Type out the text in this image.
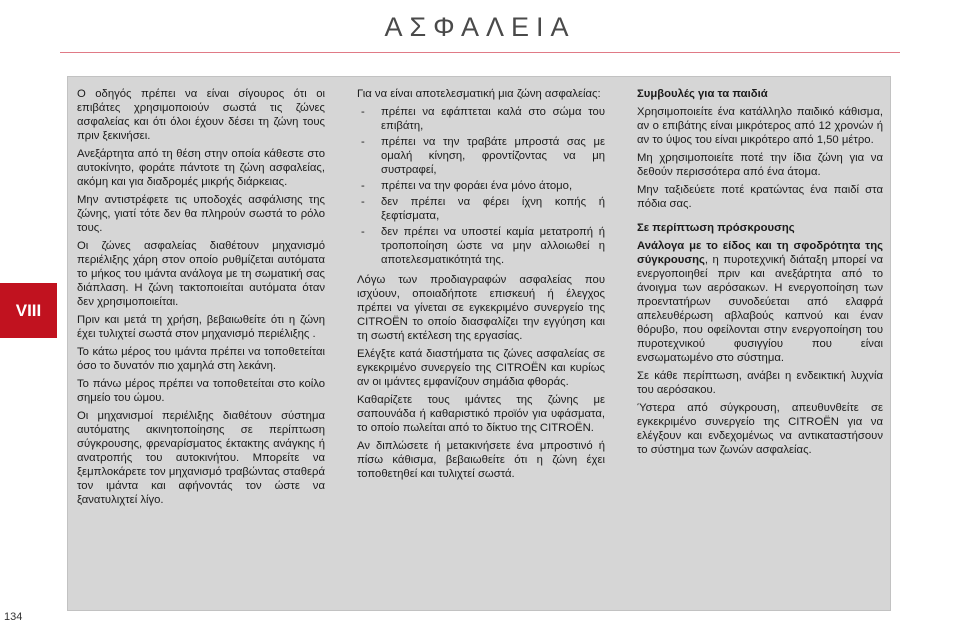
ΑΣΦΑΛΕΙΑ
VIII

Ο οδηγός πρέπει να είναι σίγουρος ότι οι επιβάτες χρησιμοποιούν σωστά τις ζώνες ασφαλείας και ότι όλοι έχουν δέσει τη ζώνη τους πριν ξεκινήσει.

Ανεξάρτητα από τη θέση στην οποία κάθεστε στο αυτοκίνητο, φοράτε πάντοτε τη ζώνη ασφαλείας, ακόμη και για διαδρομές μικρής διάρκειας.

Μην αντιστρέφετε τις υποδοχές ασφάλισης της ζώνης, γιατί τότε δεν θα πληρούν σωστά το ρόλο τους.

Οι ζώνες ασφαλείας διαθέτουν μηχανισμό περιέλιξης χάρη στον οποίο ρυθμίζεται αυτόματα το μήκος του ιμάντα ανάλογα με τη σωματική σας διάπλαση. Η ζώνη τακτοποιείται αυτόματα όταν δεν χρησιμοποιείται.

Πριν και μετά τη χρήση, βεβαιωθείτε ότι η ζώνη έχει τυλιχτεί σωστά στον μηχανισμό περιέλιξης .

Το κάτω μέρος του ιμάντα πρέπει να τοποθετείται όσο το δυνατόν πιο χαμηλά στη λεκάνη.

Το πάνω μέρος πρέπει να τοποθετείται στο κοίλο σημείο του ώμου.

Οι μηχανισμοί περιέλιξης διαθέτουν σύστημα αυτόματης ακινητοποίησης σε περίπτωση σύγκρουσης, φρεναρίσματος έκτακτης ανάγκης ή ανατροπής του αυτοκινήτου. Μπορείτε να ξεμπλοκάρετε τον μηχανισμό τραβώντας σταθερά τον ιμάντα και αφήνοντάς τον ώστε να ξανατυλιχτεί λίγο.

Για να είναι αποτελεσματική μια ζώνη ασφαλείας:

- πρέπει να εφάπτεται καλά στο σώμα του επιβάτη,
- πρέπει να την τραβάτε μπροστά σας με ομαλή κίνηση, φροντίζοντας να μη συστραφεί,
- πρέπει να την φοράει ένα μόνο άτομο,
- δεν πρέπει να φέρει ίχνη κοπής ή ξεφτίσματα,
- δεν πρέπει να υποστεί καμία μετατροπή ή τροποποίηση ώστε να μην αλλοιωθεί η αποτελεσματικότητά της.

Λόγω των προδιαγραφών ασφαλείας που ισχύουν, οποιαδήποτε επισκευή ή έλεγχος πρέπει να γίνεται σε εγκεκριμένο συνεργείο της CITROËN το οποίο διασφαλίζει την εγγύηση και τη σωστή εκτέλεση της εργασίας.

Ελέγξτε κατά διαστήματα τις ζώνες ασφαλείας σε εγκεκριμένο συνεργείο της CITROËN και κυρίως αν οι ιμάντες εμφανίζουν σημάδια φθοράς.

Καθαρίζετε τους ιμάντες της ζώνης με σαπουνάδα ή καθαριστικό προϊόν για υφάσματα, το οποίο πωλείται από το δίκτυο της CITROËN.

Αν διπλώσετε ή μετακινήσετε ένα μπροστινό ή πίσω κάθισμα, βεβαιωθείτε ότι η ζώνη έχει τοποθετηθεί και τυλιχτεί σωστά.

Συμβουλές για τα παιδιά

Χρησιμοποιείτε ένα κατάλληλο παιδικό κάθισμα, αν ο επιβάτης είναι μικρότερος από 12 χρονών ή αν το ύψος του είναι μικρότερο από 1,50 μέτρο.

Μη χρησιμοποιείτε ποτέ την ίδια ζώνη για να δεθούν περισσότερα από ένα άτομα.

Μην ταξιδεύετε ποτέ κρατώντας ένα παιδί στα πόδια σας.

Σε περίπτωση πρόσκρουσης

Ανάλογα με το είδος και τη σφοδρότητα της σύγκρουσης, η πυροτεχνική διάταξη μπορεί να ενεργοποιηθεί πριν και ανεξάρτητα από το άνοιγμα των αερόσακων. Η ενεργοποίηση των προεντατήρων συνοδεύεται από ελαφρά απελευθέρωση αβλαβούς καπνού και έναν θόρυβο, που οφείλονται στην ενεργοποίηση του πυροτεχνικού φυσιγγίου που είναι ενσωματωμένο στο σύστημα.

Σε κάθε περίπτωση, ανάβει η ενδεικτική λυχνία του αερόσακου.

Ύστερα από σύγκρουση, απευθυνθείτε σε εγκεκριμένο συνεργείο της CITROËN για να ελέγξουν και ενδεχομένως να αντικαταστήσουν το σύστημα των ζωνών ασφαλείας.

134
